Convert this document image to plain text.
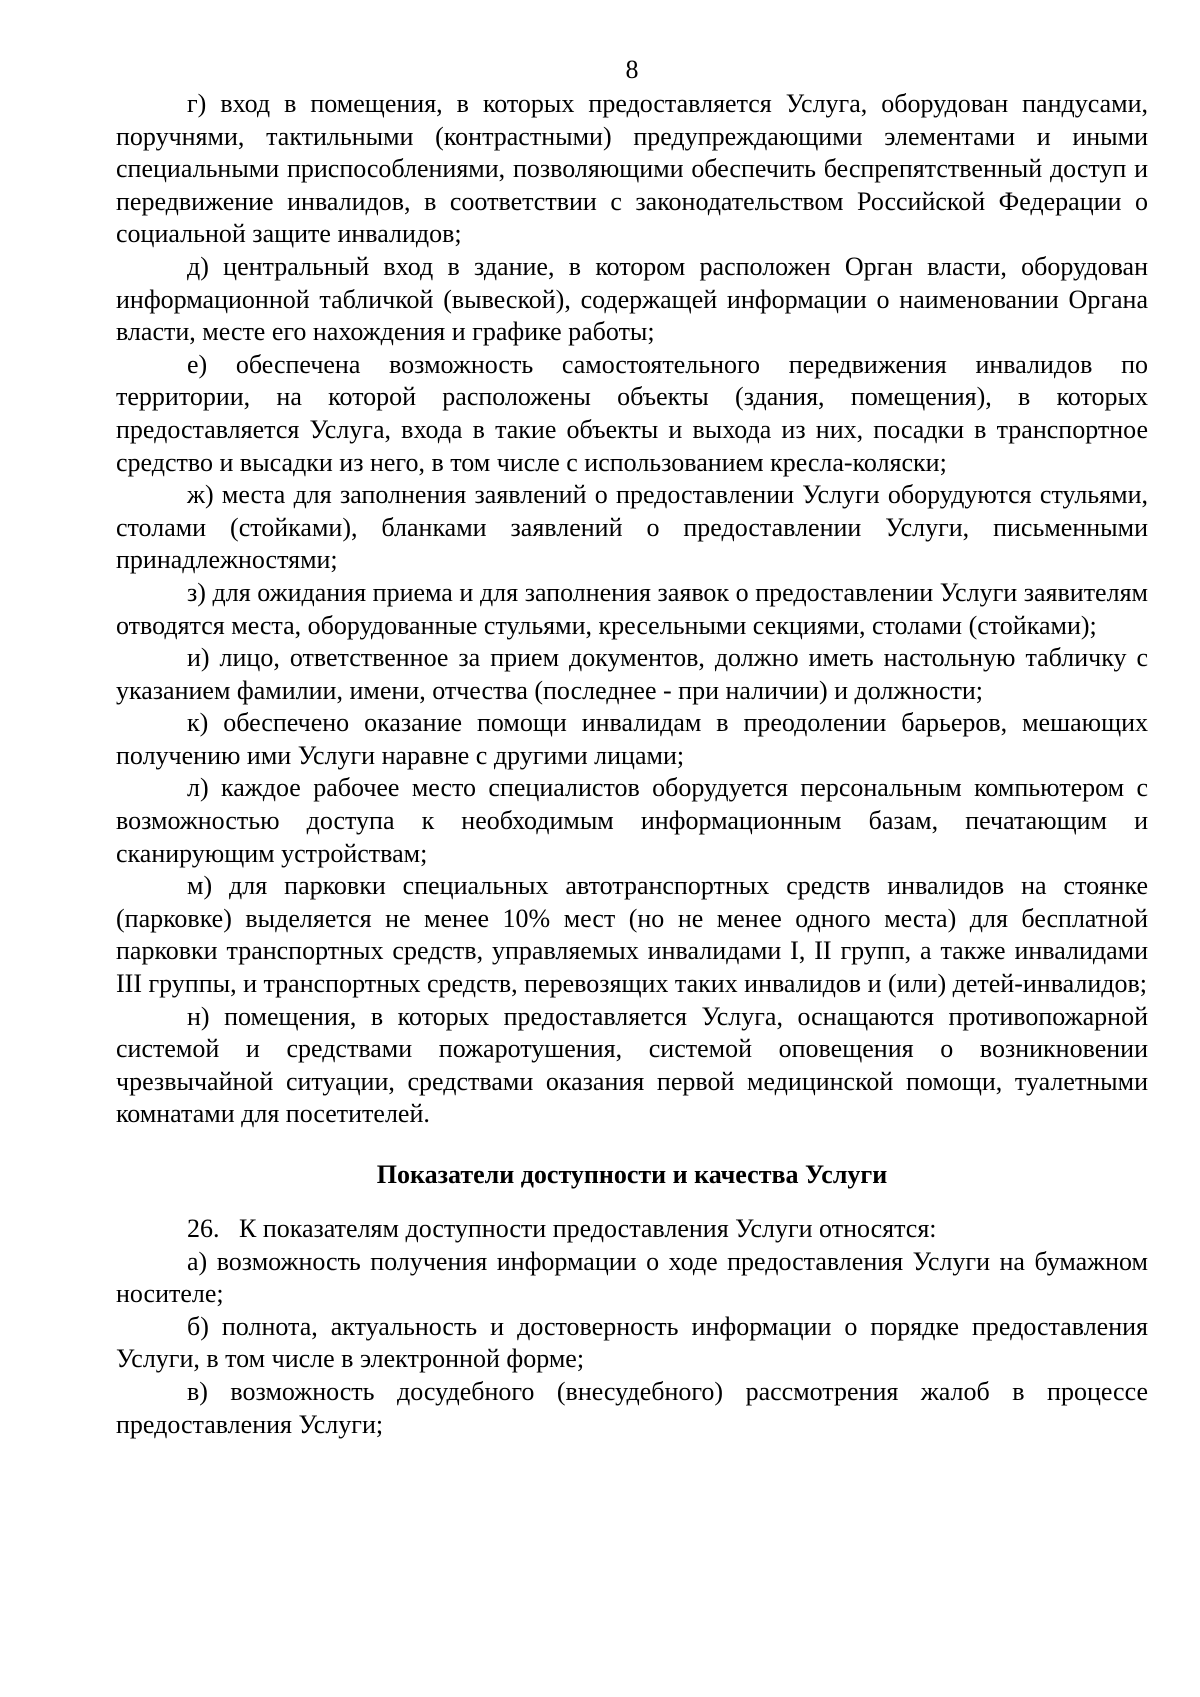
8

г) вход в помещения, в которых предоставляется Услуга, оборудован пандусами, поручнями, тактильными (контрастными) предупреждающими элементами и иными специальными приспособлениями, позволяющими обеспечить беспрепятственный доступ и передвижение инвалидов, в соответствии с законодательством Российской Федерации о социальной защите инвалидов;

д) центральный вход в здание, в котором расположен Орган власти, оборудован информационной табличкой (вывеской), содержащей информации о наименовании Органа власти, месте его нахождения и графике работы;

е) обеспечена возможность самостоятельного передвижения инвалидов по территории, на которой расположены объекты (здания, помещения), в которых предоставляется Услуга, входа в такие объекты и выхода из них, посадки в транспортное средство и высадки из него, в том числе с использованием кресла-коляски;

ж) места для заполнения заявлений о предоставлении Услуги оборудуются стульями, столами (стойками), бланками заявлений о предоставлении Услуги, письменными принадлежностями;

з) для ожидания приема и для заполнения заявок о предоставлении Услуги заявителям отводятся места, оборудованные стульями, кресельными секциями, столами (стойками);

и) лицо, ответственное за прием документов, должно иметь настольную табличку с указанием фамилии, имени, отчества (последнее - при наличии) и должности;

к) обеспечено оказание помощи инвалидам в преодолении барьеров, мешающих получению ими Услуги наравне с другими лицами;

л) каждое рабочее место специалистов оборудуется персональным компьютером с возможностью доступа к необходимым информационным базам, печатающим и сканирующим устройствам;

м) для парковки специальных автотранспортных средств инвалидов на стоянке (парковке) выделяется не менее 10% мест (но не менее одного места) для бесплатной парковки транспортных средств, управляемых инвалидами I, II групп, а также инвалидами III группы, и транспортных средств, перевозящих таких инвалидов и (или) детей-инвалидов;

н) помещения, в которых предоставляется Услуга, оснащаются противопожарной системой и средствами пожаротушения, системой оповещения о возникновении чрезвычайной ситуации, средствами оказания первой медицинской помощи, туалетными комнатами для посетителей.

Показатели доступности и качества Услуги

26.   К показателям доступности предоставления Услуги относятся:

а) возможность получения информации о ходе предоставления Услуги на бумажном носителе;

б) полнота, актуальность и достоверность информации о порядке предоставления Услуги, в том числе в электронной форме;

в) возможность досудебного (внесудебного) рассмотрения жалоб в процессе предоставления Услуги;
